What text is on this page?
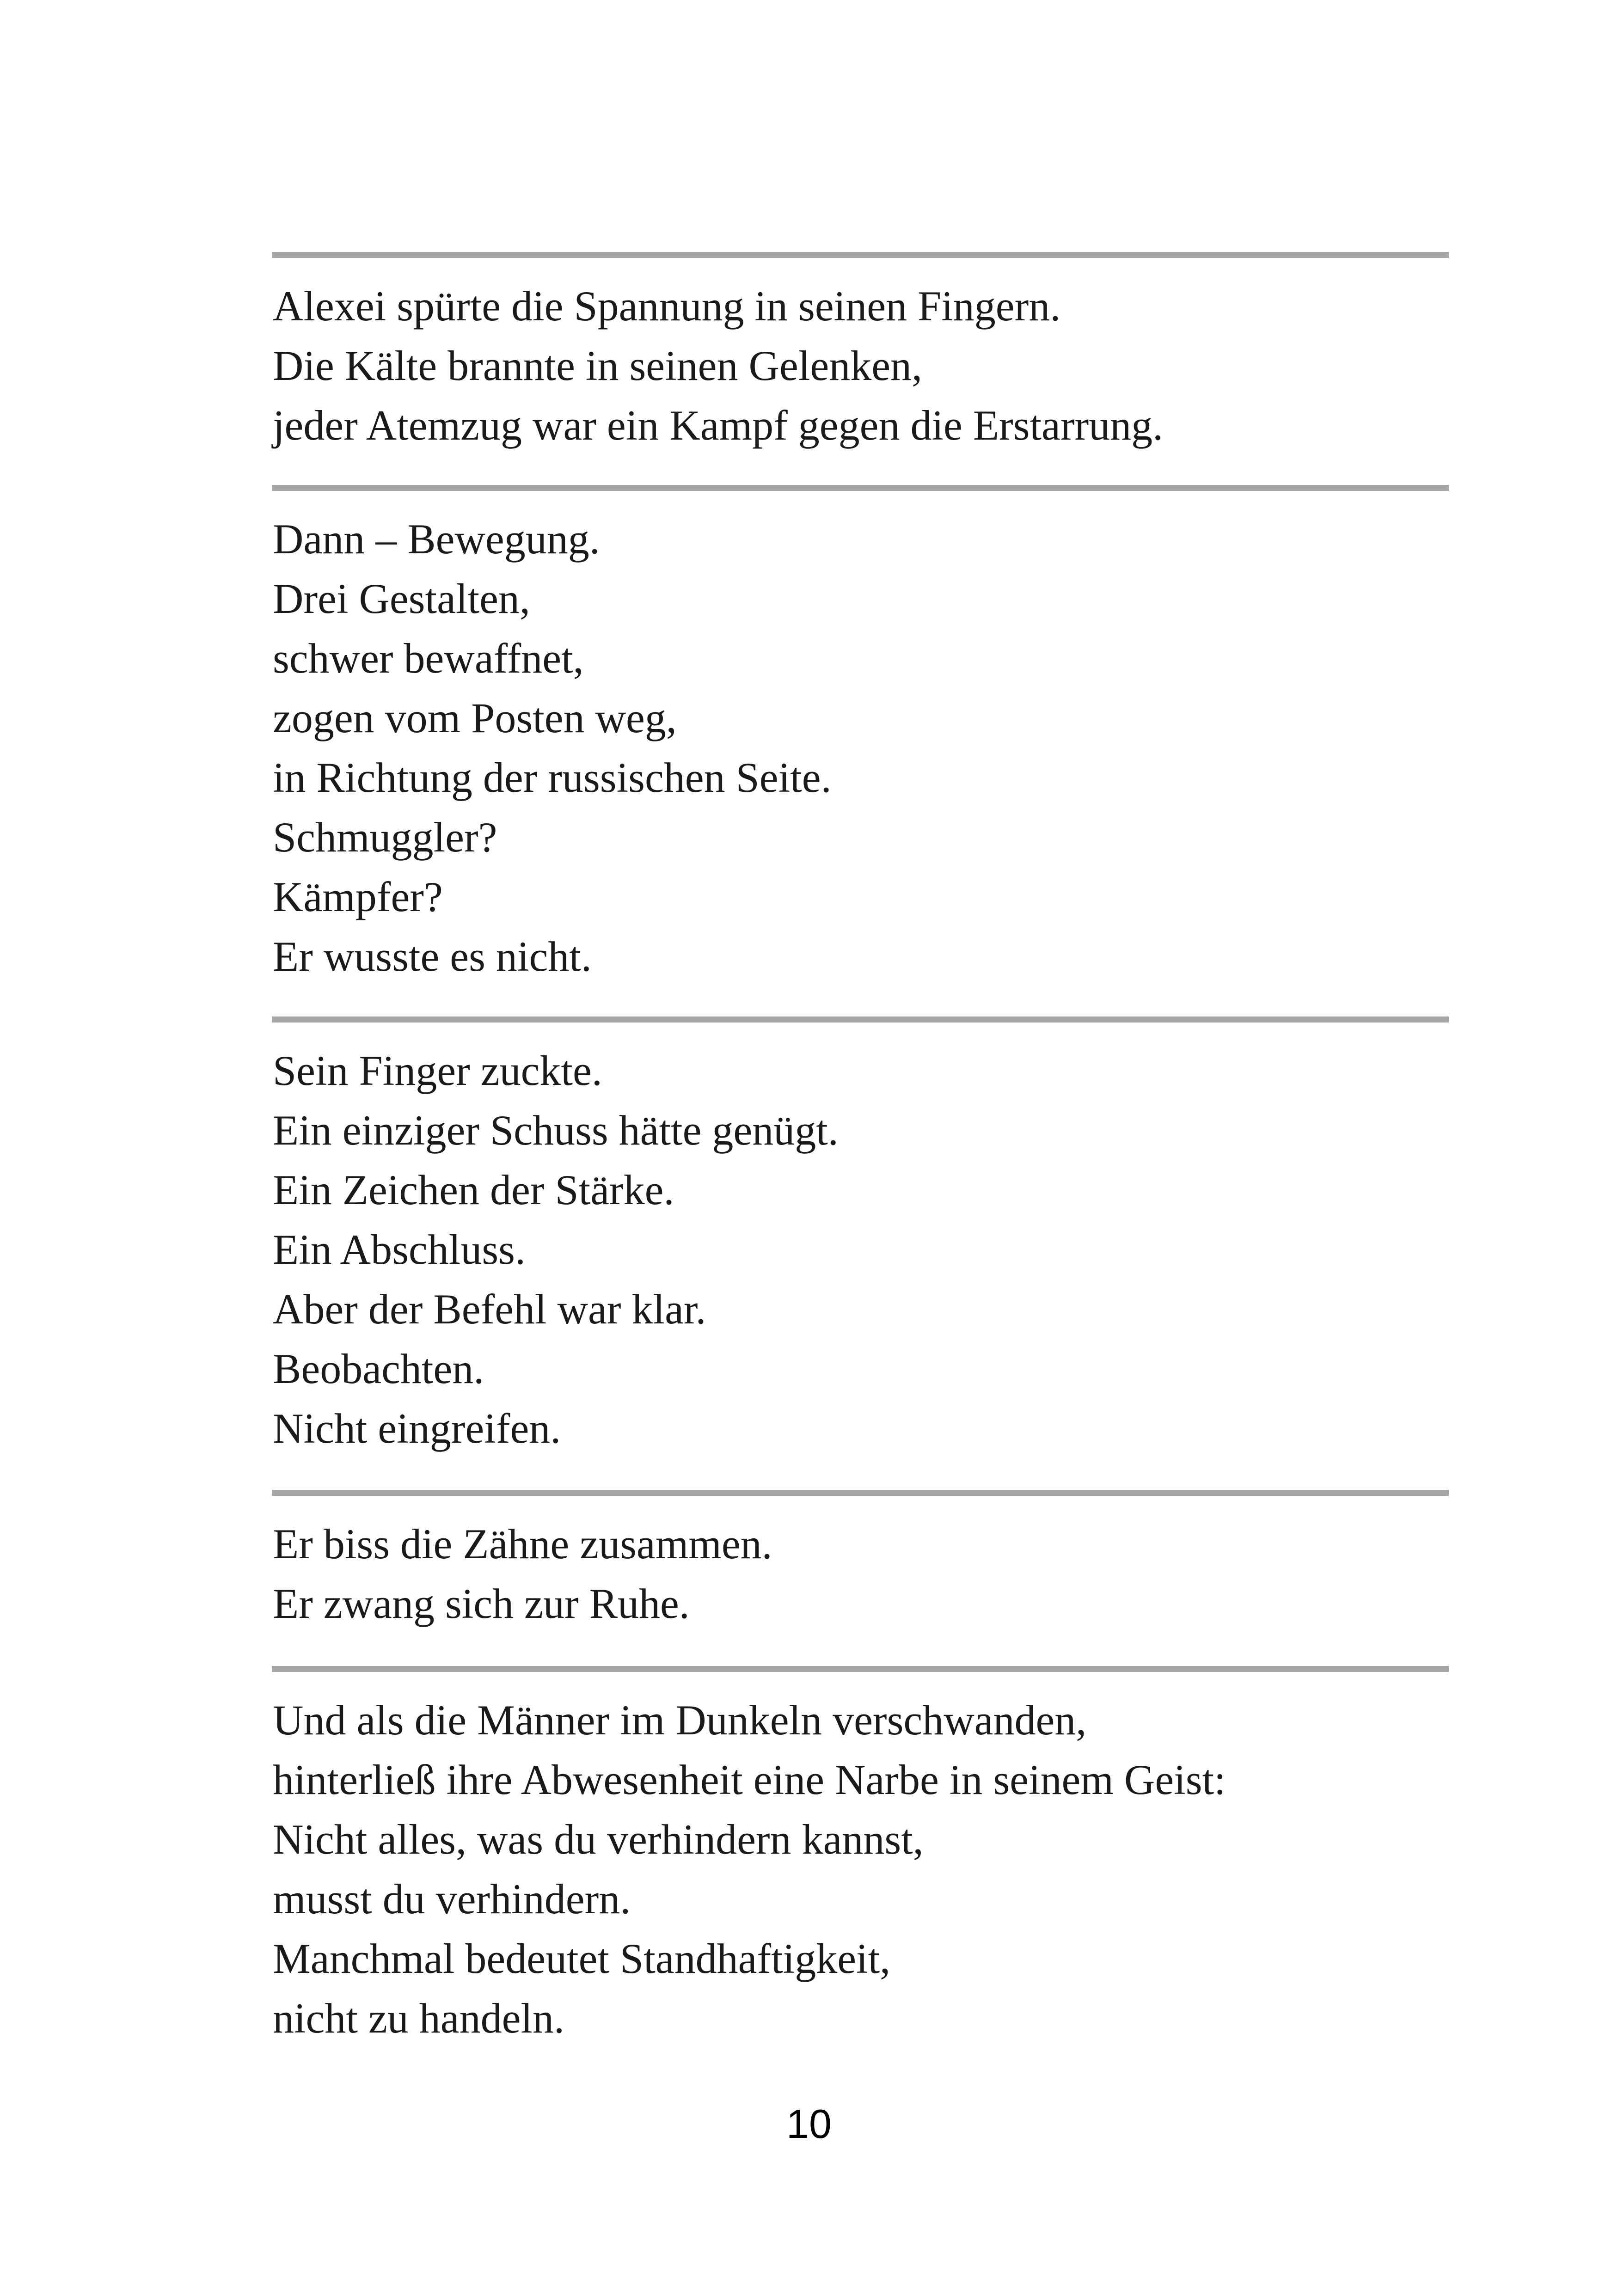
Alexei spürte die Spannung in seinen Fingern.
Die Kälte brannte in seinen Gelenken,
jeder Atemzug war ein Kampf gegen die Erstarrung.
Dann – Bewegung.
Drei Gestalten,
schwer bewaffnet,
zogen vom Posten weg,
in Richtung der russischen Seite.
Schmuggler?
Kämpfer?
Er wusste es nicht.
Sein Finger zuckte.
Ein einziger Schuss hätte genügt.
Ein Zeichen der Stärke.
Ein Abschluss.
Aber der Befehl war klar.
Beobachten.
Nicht eingreifen.
Er biss die Zähne zusammen.
Er zwang sich zur Ruhe.
Und als die Männer im Dunkeln verschwanden,
hinterließ ihre Abwesenheit eine Narbe in seinem Geist:
Nicht alles, was du verhindern kannst,
musst du verhindern.
Manchmal bedeutet Standhaftigkeit,
nicht zu handeln.
10
